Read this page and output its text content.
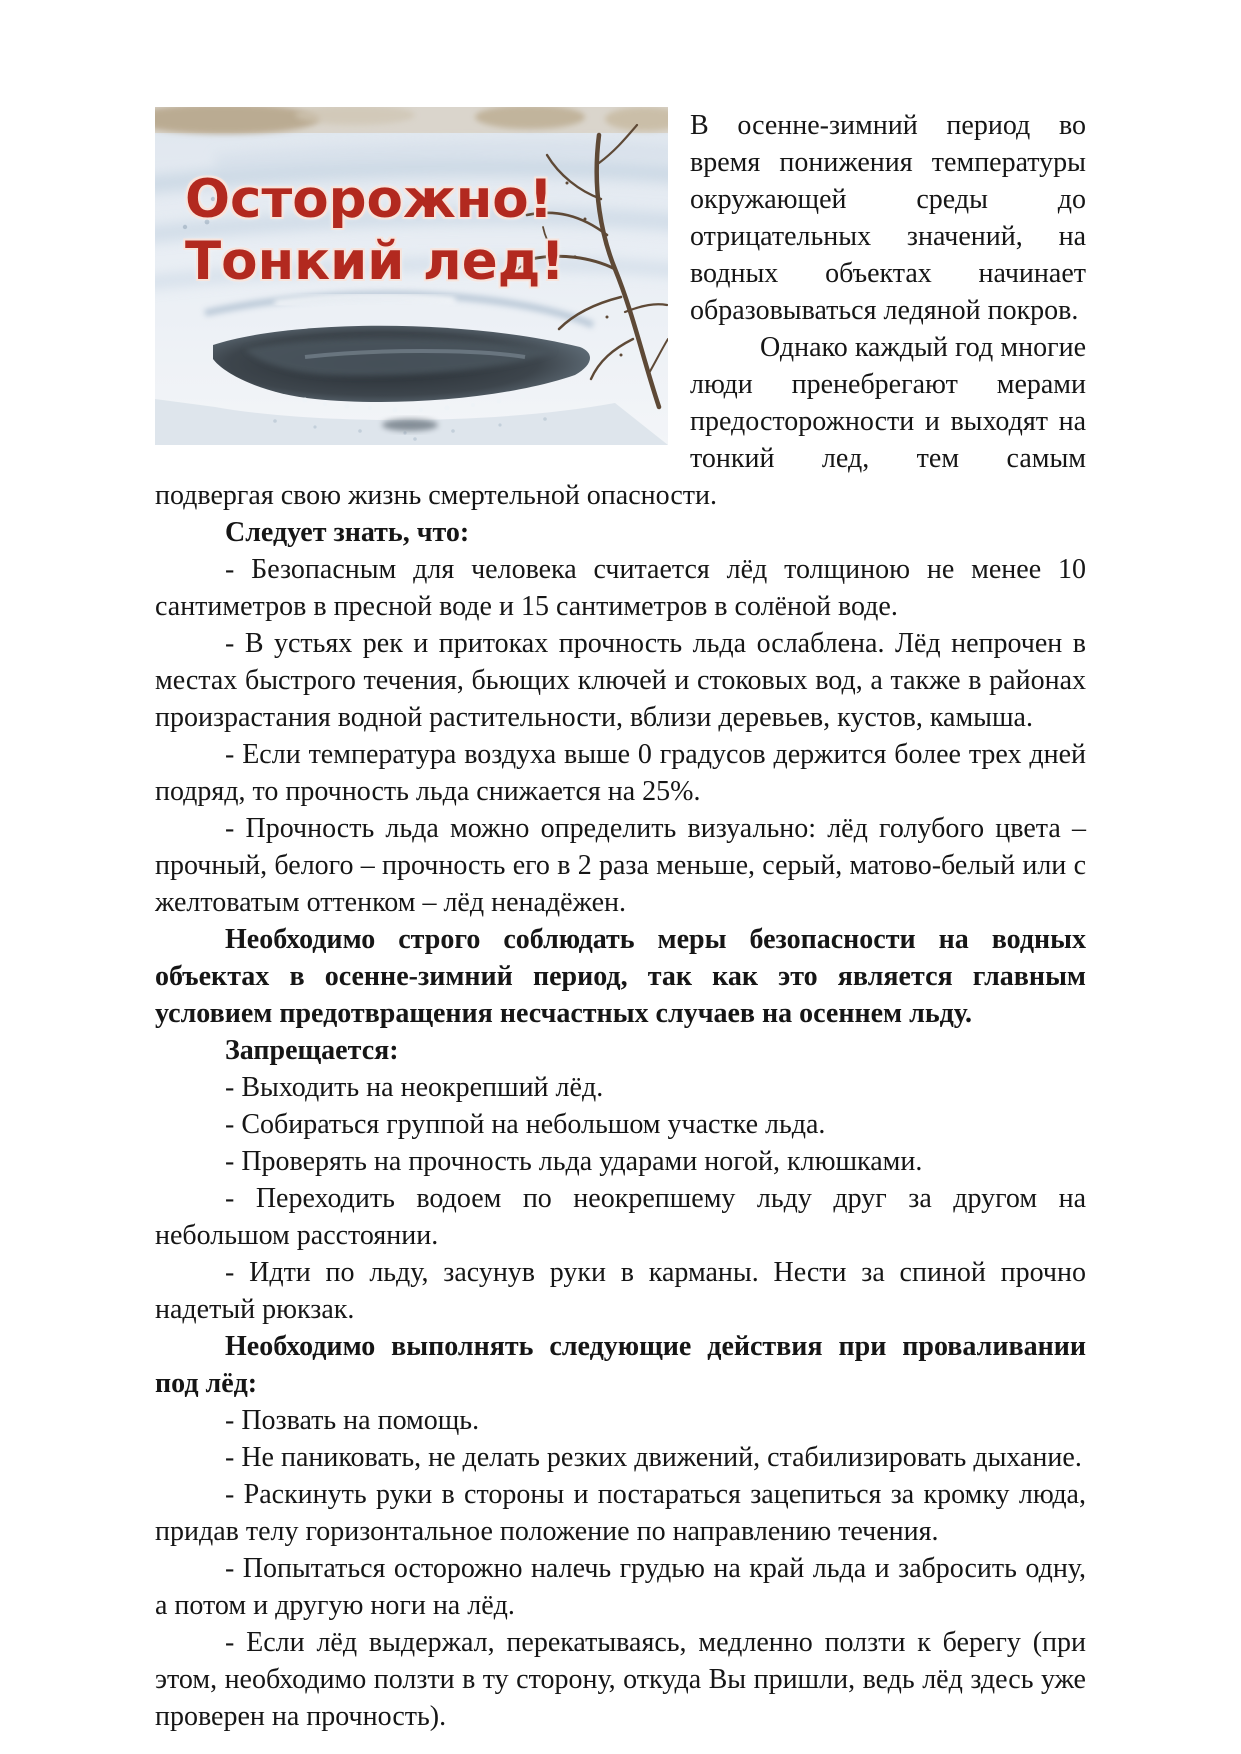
Осторожно!
Тонкий лед!

В осенне-зимний период во время понижения температуры окружающей среды до отрицательных значений, на водных объектах начинает образовываться ледяной покров.

Однако каждый год многие люди пренебрегают мерами предосторожности и выходят на тонкий лед, тем самым подвергая свою жизнь смертельной опасности.

Следует знать, что:

- Безопасным для человека считается лёд толщиною не менее 10 сантиметров в пресной воде и 15 сантиметров в солёной воде.

- В устьях рек и притоках прочность льда ослаблена. Лёд непрочен в местах быстрого течения, бьющих ключей и стоковых вод, а также в районах произрастания водной растительности, вблизи деревьев, кустов, камыша.

- Если температура воздуха выше 0 градусов держится более трех дней подряд, то прочность льда снижается на 25%.

- Прочность льда можно определить визуально: лёд голубого цвета – прочный, белого – прочность его в 2 раза меньше, серый, матово-белый или с желтоватым оттенком – лёд ненадёжен.

Необходимо строго соблюдать меры безопасности на водных объектах в осенне-зимний период, так как это является главным условием предотвращения несчастных случаев на осеннем льду.

Запрещается:

- Выходить на неокрепший лёд.

- Собираться группой на небольшом участке льда.

- Проверять на прочность льда ударами ногой, клюшками.

- Переходить водоем по неокрепшему льду друг за другом на небольшом расстоянии.

- Идти по льду, засунув руки в карманы. Нести за спиной прочно надетый рюкзак.

Необходимо выполнять следующие действия при проваливании под лёд:

- Позвать на помощь.

- Не паниковать, не делать резких движений, стабилизировать дыхание.

- Раскинуть руки в стороны и постараться зацепиться за кромку люда, придав телу горизонтальное положение по направлению течения.

- Попытаться осторожно налечь грудью на край льда и забросить одну, а потом и другую ноги на лёд.

- Если лёд выдержал, перекатываясь, медленно ползти к берегу (при этом, необходимо ползти в ту сторону, откуда Вы пришли, ведь лёд здесь уже проверен на прочность).
